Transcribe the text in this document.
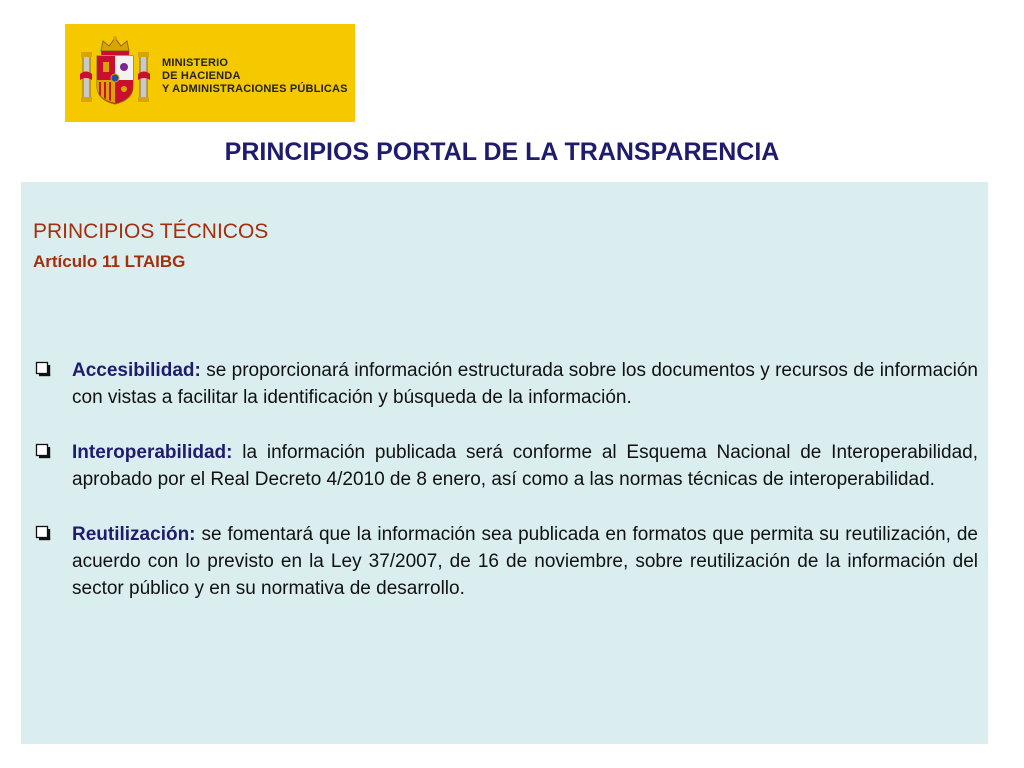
MINISTERIO
DE HACIENDA
Y ADMINISTRACIONES PÚBLICAS
PRINCIPIOS PORTAL DE LA TRANSPARENCIA
PRINCIPIOS TÉCNICOS
Artículo 11 LTAIBG
Accesibilidad: se proporcionará información estructurada sobre los documentos y recursos de información con vistas a facilitar la identificación y búsqueda de la información.
Interoperabilidad: la información publicada será conforme al Esquema Nacional de Interoperabilidad, aprobado por el Real Decreto 4/2010 de 8 enero, así como a las normas técnicas de interoperabilidad.
Reutilización: se fomentará que la información sea publicada en formatos que permita su reutilización, de acuerdo con lo previsto en la Ley 37/2007, de 16 de noviembre, sobre reutilización de la información del sector público y en su normativa de desarrollo.
